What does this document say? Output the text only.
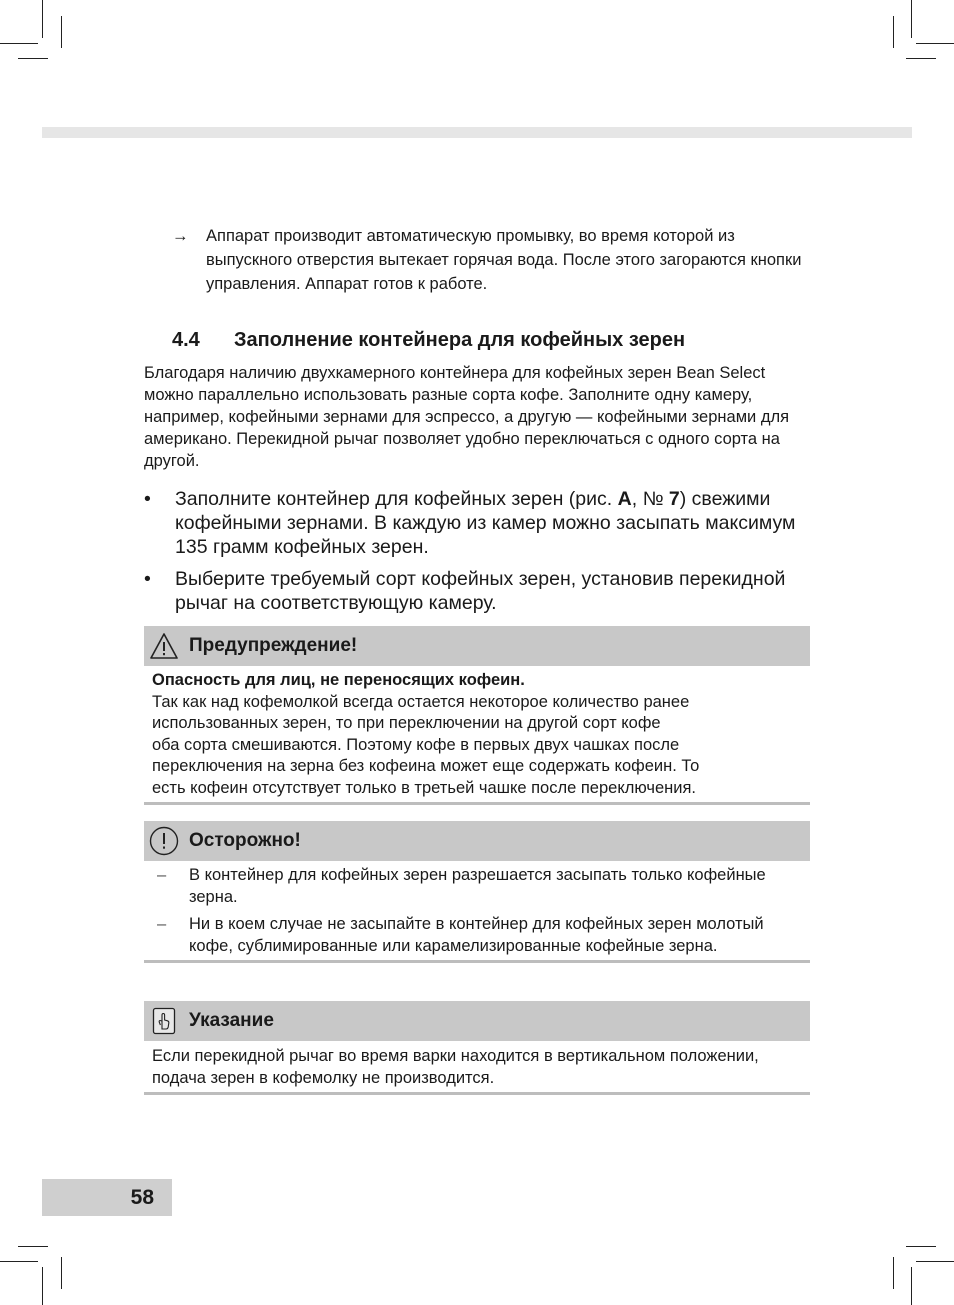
→ Аппарат производит автоматическую промывку, во время которой из выпускного отверстия вытекает горячая вода. После этого загораются кнопки управления. Аппарат готов к работе.
4.4 Заполнение контейнера для кофейных зерен
Благодаря наличию двухкамерного контейнера для кофейных зерен Bean Select можно параллельно использовать разные сорта кофе. Заполните одну камеру, например, кофейными зернами для эспрессо, а другую — кофейными зернами для американо. Перекидной рычаг позволяет удобно переключаться с одного сорта на другой.
• Заполните контейнер для кофейных зерен (рис. A, № 7) свежими кофейными зернами. В каждую из камер можно засыпать максимум 135 грамм кофейных зерен.
• Выберите требуемый сорт кофейных зерен, установив перекидной рычаг на соответствующую камеру.
Предупреждение!
Опасность для лиц, не переносящих кофеин.
Так как над кофемолкой всегда остается некоторое количество ранее
использованных зерен, то при переключении на другой сорт кофе
оба сорта смешиваются. Поэтому кофе в первых двух чашках после
переключения на зерна без кофеина может еще содержать кофеин. То
есть кофеин отсутствует только в третьей чашке после переключения.
Осторожно!
– В контейнер для кофейных зерен разрешается засыпать только кофейные зерна.
– Ни в коем случае не засыпайте в контейнер для кофейных зерен молотый кофе, сублимированные или карамелизированные кофейные зерна.
Указание
Если перекидной рычаг во время варки находится в вертикальном положении, подача зерен в кофемолку не производится.
58
